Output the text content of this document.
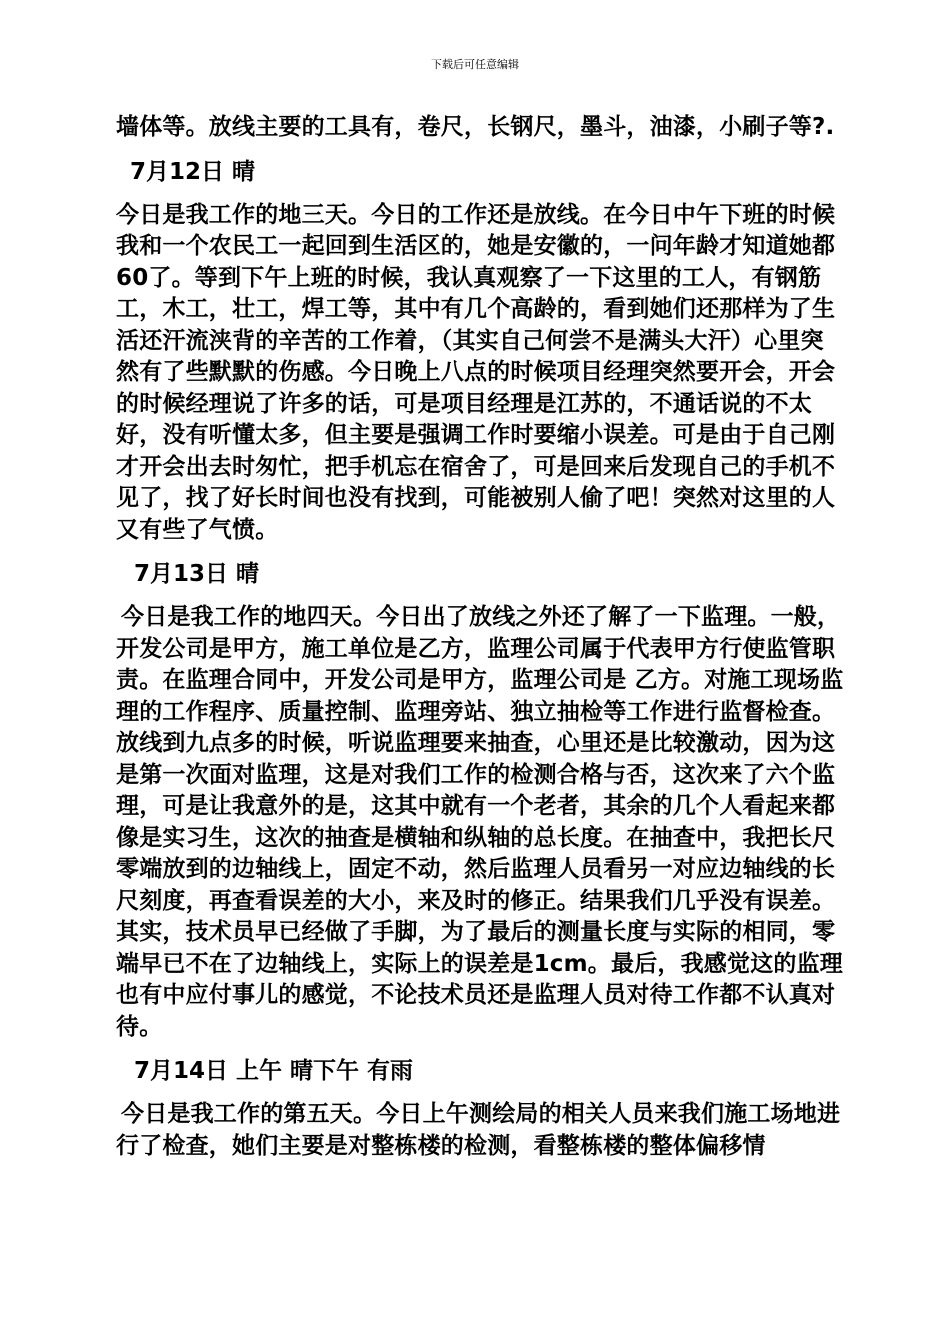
下载后可任意编辑

墙体等。放线主要的工具有，卷尺，长钢尺，墨斗，油漆，小刷子等?.

7月12日 晴

今日是我工作的地三天。今日的工作还是放线。在今日中午下班的时候我和一个农民工一起回到生活区的，她是安徽的，一问年龄才知道她都60了。等到下午上班的时候，我认真观察了一下这里的工人，有钢筋工，木工，壮工，焊工等，其中有几个高龄的，看到她们还那样为了生活还汗流浃背的辛苦的工作着，（其实自己何尝不是满头大汗）心里突然有了些默默的伤感。今日晚上八点的时候项目经理突然要开会，开会的时候经理说了许多的话，可是项目经理是江苏的，不通话说的不太好，没有听懂太多，但主要是强调工作时要缩小误差。可是由于自己刚才开会出去时匆忙，把手机忘在宿舍了，可是回来后发现自己的手机不见了，找了好长时间也没有找到，可能被别人偷了吧！突然对这里的人又有些了气愤。

7月13日 晴

今日是我工作的地四天。今日出了放线之外还了解了一下监理。一般，开发公司是甲方，施工单位是乙方，监理公司属于代表甲方行使监管职责。在监理合同中，开发公司是甲方，监理公司是 乙方。对施工现场监理的工作程序、质量控制、监理旁站、独立抽检等工作进行监督检查。放线到九点多的时候，听说监理要来抽查，心里还是比较激动，因为这是第一次面对监理，这是对我们工作的检测合格与否，这次来了六个监理，可是让我意外的是，这其中就有一个老者，其余的几个人看起来都像是实习生，这次的抽查是横轴和纵轴的总长度。在抽查中，我把长尺零端放到的边轴线上，固定不动，然后监理人员看另一对应边轴线的长尺刻度，再查看误差的大小，来及时的修正。结果我们几乎没有误差。其实，技术员早已经做了手脚，为了最后的测量长度与实际的相同，零端早已不在了边轴线上，实际上的误差是1cm。最后，我感觉这的监理也有中应付事儿的感觉，不论技术员还是监理人员对待工作都不认真对待。

7月14日 上午 晴下午 有雨

今日是我工作的第五天。今日上午测绘局的相关人员来我们施工场地进行了检查，她们主要是对整栋楼的检测，看整栋楼的整体偏移情
